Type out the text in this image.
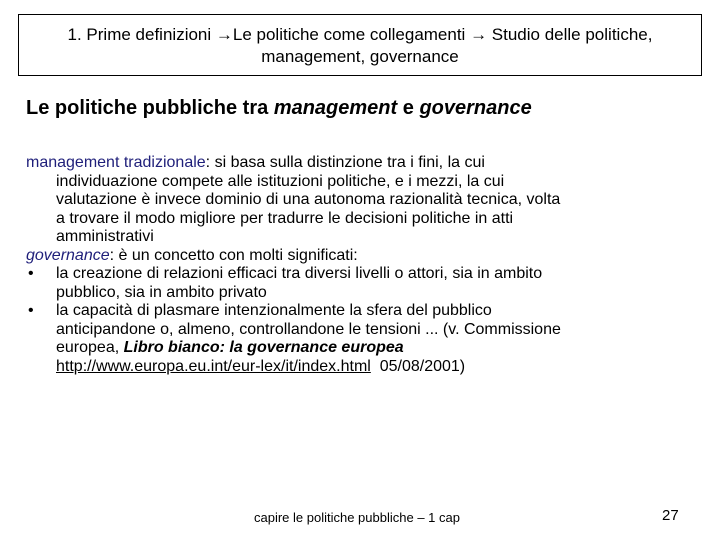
1. Prime definizioni →Le politiche come collegamenti → Studio delle politiche, management, governance
Le politiche pubbliche tra management e governance
management tradizionale: si basa sulla distinzione tra i fini, la cui
individuazione compete alle istituzioni politiche, e i mezzi, la cui
valutazione è invece dominio di una autonoma razionalità tecnica, volta
a trovare il modo migliore per tradurre le decisioni politiche in atti
amministrativi
governance: è un concetto con molti significati:
•	la creazione di relazioni efficaci tra diversi livelli o attori, sia in ambito
pubblico, sia in ambito privato
•	la capacità di plasmare intenzionalmente la sfera del pubblico
anticipandone o, almeno, controllandone le tensioni ... (v. Commissione
europea, Libro bianco: la governance europea
http://www.europa.eu.int/eur-lex/it/index.html  05/08/2001)
capire le politiche pubbliche – 1 cap	27
